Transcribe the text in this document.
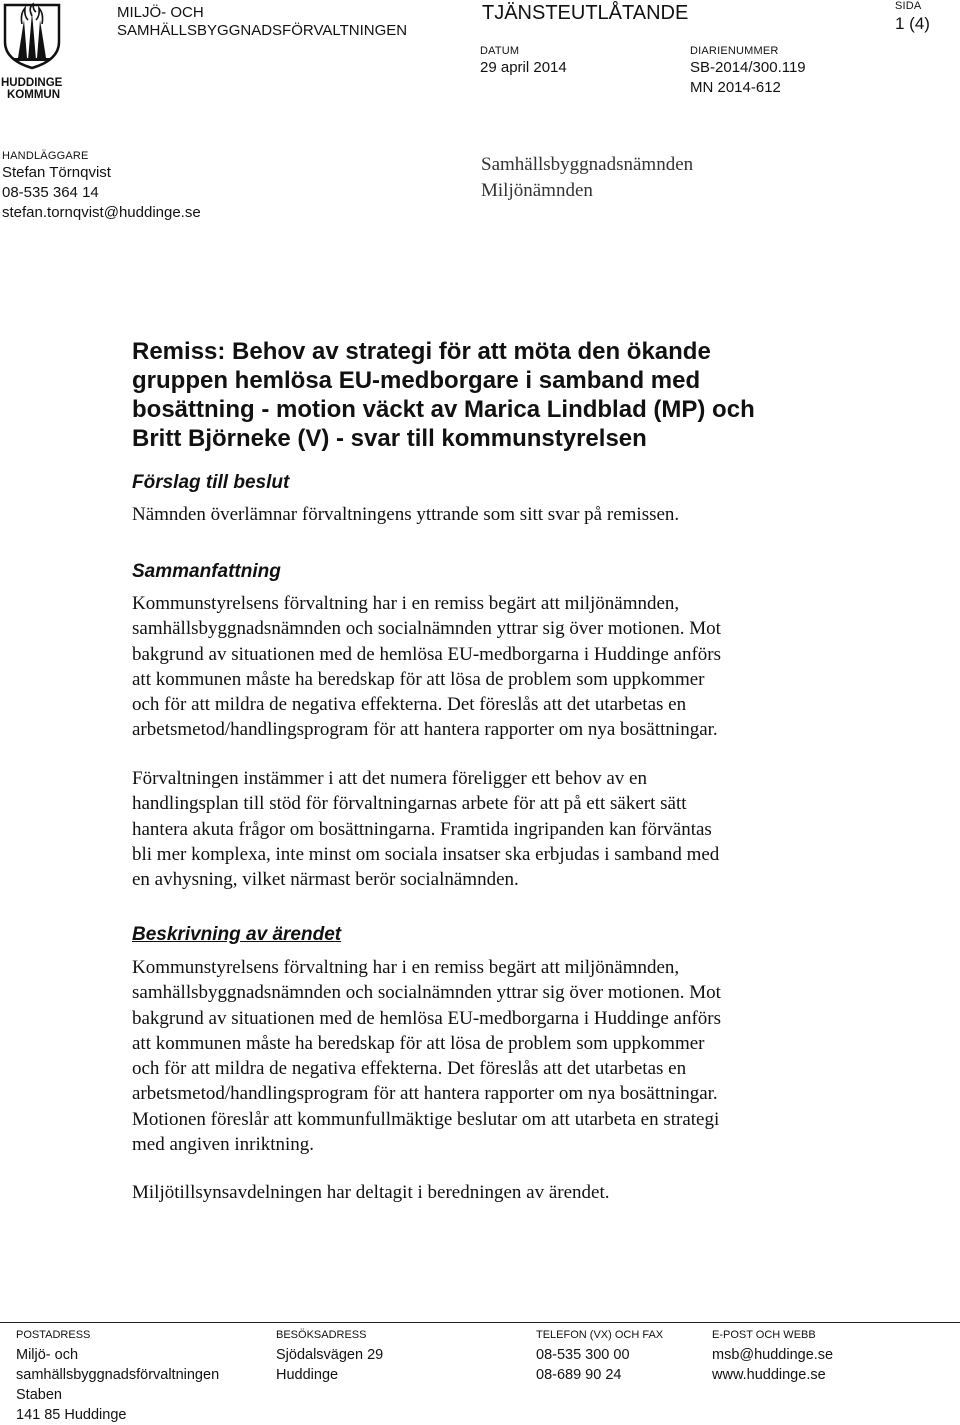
HUDDINGE
KOMMUN
MILJÖ- OCH
SAMHÄLLSBYGGNADSFÖRVALTNINGEN
TJÄNSTEUTLÅTANDE	SIDA
1 (4)
DATUM
29 april 2014
DIARIENUMMER
SB-2014/300.119
MN 2014-612
HANDLÄGGARE
Stefan Törnqvist
08-535 364 14
stefan.tornqvist@huddinge.se
Samhällsbyggnadsnämnden
Miljönämnden
Remiss: Behov av strategi för att möta den ökande
gruppen hemlösa EU-medborgare i samband med
bosättning - motion väckt av Marica Lindblad (MP) och
Britt Björneke (V) - svar till kommunstyrelsen
Förslag till beslut
Nämnden överlämnar förvaltningens yttrande som sitt svar på remissen.
Sammanfattning
Kommunstyrelsens förvaltning har i en remiss begärt att miljönämnden,
samhällsbyggnadsnämnden och socialnämnden yttrar sig över motionen. Mot
bakgrund av situationen med de hemlösa EU-medborgarna i Huddinge anförs
att kommunen måste ha beredskap för att lösa de problem som uppkommer
och för att mildra de negativa effekterna. Det föreslås att det utarbetas en
arbetsmetod/handlingsprogram för att hantera rapporter om nya bosättningar.
Förvaltningen instämmer i att det numera föreligger ett behov av en
handlingsplan till stöd för förvaltningarnas arbete för att på ett säkert sätt
hantera akuta frågor om bosättningarna. Framtida ingripanden kan förväntas
bli mer komplexa, inte minst om sociala insatser ska erbjudas i samband med
en avhysning, vilket närmast berör socialnämnden.
Beskrivning av ärendet
Kommunstyrelsens förvaltning har i en remiss begärt att miljönämnden,
samhällsbyggnadsnämnden och socialnämnden yttrar sig över motionen. Mot
bakgrund av situationen med de hemlösa EU-medborgarna i Huddinge anförs
att kommunen måste ha beredskap för att lösa de problem som uppkommer
och för att mildra de negativa effekterna. Det föreslås att det utarbetas en
arbetsmetod/handlingsprogram för att hantera rapporter om nya bosättningar.
Motionen föreslår att kommunfullmäktige beslutar om att utarbeta en strategi
med angiven inriktning.
Miljötillsynsavdelningen har deltagit i beredningen av ärendet.
POSTADRESS
Miljö- och
samhällsbyggnadsförvaltningen
Staben
141 85 Huddinge
BESÖKSADRESS
Sjödalsvägen 29
Huddinge
TELEFON (VX) OCH FAX
08-535 300 00
08-689 90 24
E-POST OCH WEBB
msb@huddinge.se
www.huddinge.se
